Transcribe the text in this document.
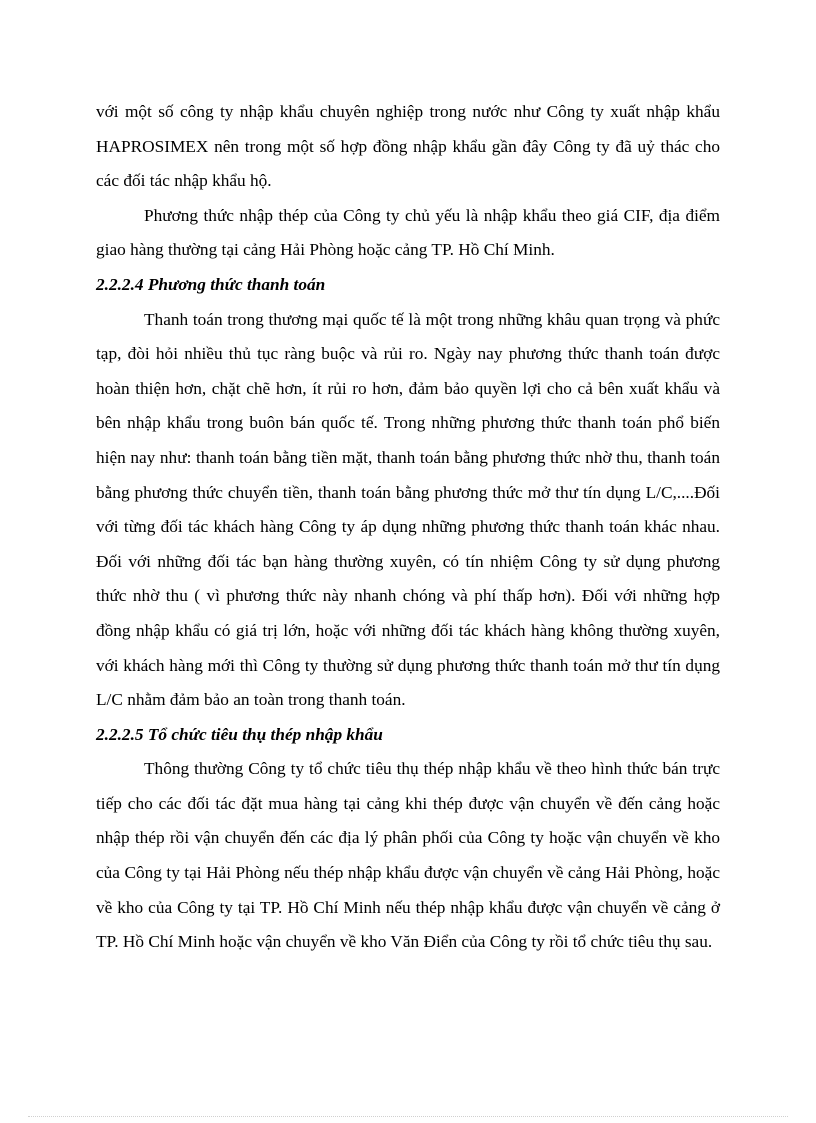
với một số công ty nhập khẩu chuyên nghiệp trong nước như Công ty xuất nhập khẩu HAPROSIMEX nên trong một số hợp đồng nhập khẩu gần đây Công ty đã uỷ thác cho các đối tác nhập khẩu hộ.

Phương thức nhập thép của Công ty chủ yếu là nhập khẩu theo giá CIF, địa điểm giao hàng thường tại cảng Hải Phòng hoặc cảng TP. Hồ Chí Minh.

2.2.2.4 Phương thức thanh toán

Thanh toán trong thương mại quốc tế là một trong những khâu quan trọng và phức tạp, đòi hỏi nhiều thủ tục ràng buộc và rủi ro. Ngày nay phương thức thanh toán được hoàn thiện hơn, chặt chẽ hơn, ít rủi ro hơn, đảm bảo quyền lợi cho cả bên xuất khẩu và bên nhập khẩu trong buôn bán quốc tế. Trong những phương thức thanh toán phổ biến hiện nay như: thanh toán bằng tiền mặt, thanh toán bằng phương thức nhờ thu, thanh toán bằng phương thức chuyển tiền, thanh toán bằng phương thức mở thư tín dụng L/C,....Đối với từng đối tác khách hàng Công ty áp dụng những phương thức thanh toán khác nhau. Đối với những đối tác bạn hàng thường xuyên, có tín nhiệm Công ty sử dụng phương thức nhờ thu ( vì phương thức này nhanh chóng và phí thấp hơn). Đối với những hợp đồng nhập khẩu có giá trị lớn, hoặc với những đối tác khách hàng không thường xuyên, với khách hàng mới thì Công ty thường sử dụng phương thức thanh toán mở thư tín dụng L/C nhằm đảm bảo an toàn trong thanh toán.

2.2.2.5 Tổ chức tiêu thụ thép nhập khẩu

Thông thường Công ty tổ chức tiêu thụ thép nhập khẩu về theo hình thức bán trực tiếp cho các đối tác đặt mua hàng tại cảng khi thép được vận chuyển về đến cảng hoặc nhập thép rồi vận chuyển đến các địa lý phân phối của Công ty hoặc vận chuyển về kho của Công ty tại Hải Phòng nếu thép nhập khẩu được vận chuyển về cảng Hải Phòng, hoặc về kho của Công ty tại TP. Hồ Chí Minh nếu thép nhập khẩu được vận chuyển về cảng ở TP. Hồ Chí Minh hoặc vận chuyển về kho Văn Điển của Công ty rồi tổ chức tiêu thụ sau.
